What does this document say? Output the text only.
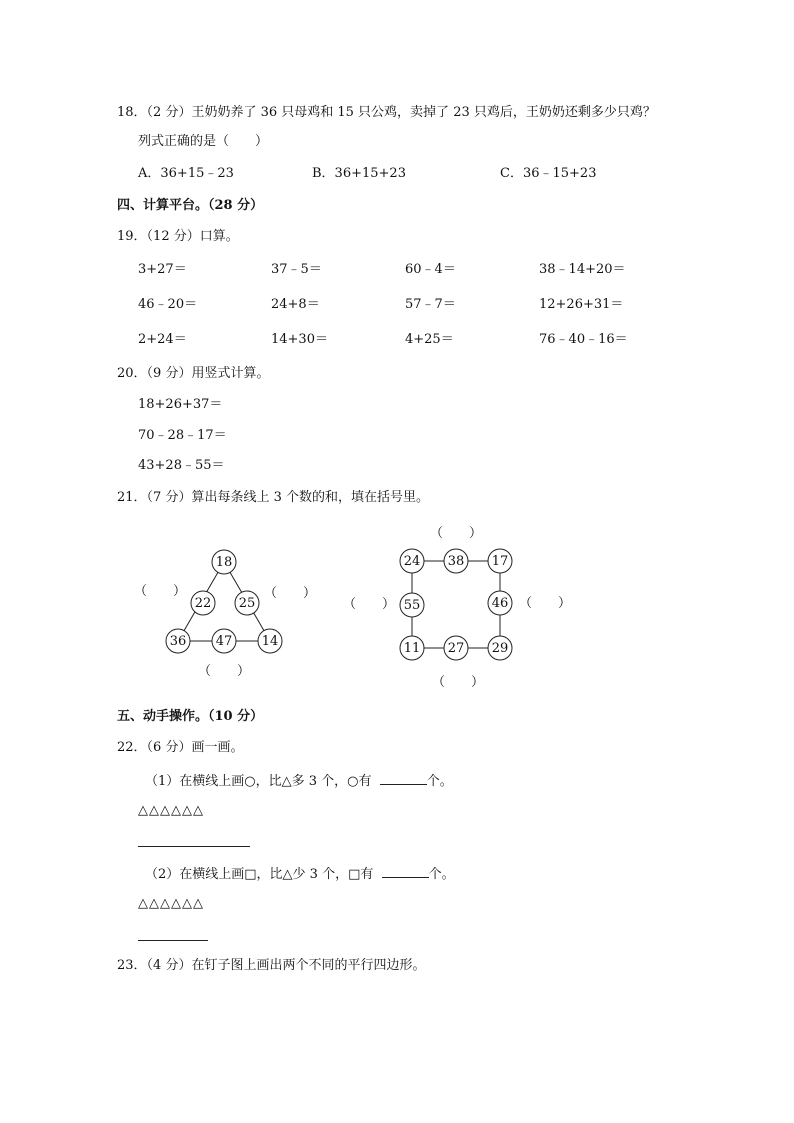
18．（2 分）王奶奶养了 36 只母鸡和 15 只公鸡，卖掉了 23 只鸡后，王奶奶还剩多少只鸡？
列式正确的是（　　）
A．36+15﹣23	B．36+15+23	C．36﹣15+23
四、计算平台。（28 分）
19．（12 分）口算。
3+27＝	37﹣5＝	60﹣4＝	38﹣14+20＝
46﹣20＝	24+8＝	57﹣7＝	12+26+31＝
2+24＝	14+30＝	4+25＝	76﹣40﹣16＝
20．（9 分）用竖式计算。
18+26+37＝
70﹣28﹣17＝
43+28﹣55＝
21．（7 分）算出每条线上 3 个数的和，填在括号里。
18
22 25
36 47 14
24 38 17
55	46
11 27 29
（　　）	（　　）
（　　）
（　　）
（　　）	（　　）
（　　）
五、动手操作。（10 分）
22．（6 分）画一画。
（1）在横线上画○，比△多 3 个，○有	个。
△△△△△△
（2）在横线上画□，比△少 3 个，□有	个。
△△△△△△
23．（4 分）在钉子图上画出两个不同的平行四边形。
